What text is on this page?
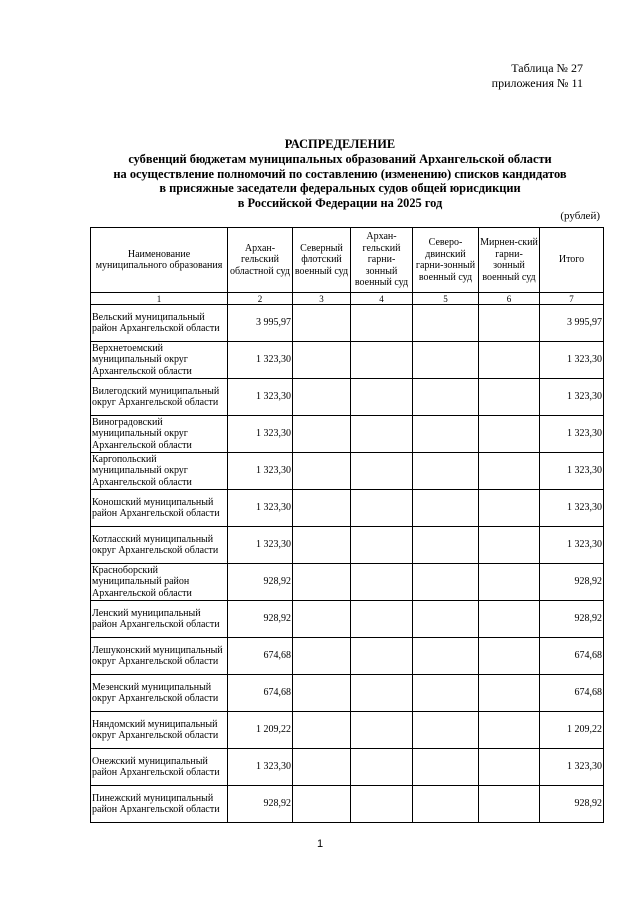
Таблица № 27
приложения № 11
РАСПРЕДЕЛЕНИЕ
субвенций бюджетам муниципальных образований Архангельской области
на осуществление полномочий по составлению (изменению) списков кандидатов
в присяжные заседатели федеральных судов общей юрисдикции
в Российской Федерации на 2025 год
(рублей)
Наименование муниципального образования	Архан-гельский областной суд	Северный флотский военный суд	Архан-гельский гарни-зонный военный суд	Северо-двинский гарни-зонный военный суд	Мирнен-ский гарни-зонный военный суд	Итого
1	2	3	4	5	6	7
Вельский муниципальный район Архангельской области	3 995,97					3 995,97
Верхнетоемский муниципальный округ Архангельской области	1 323,30					1 323,30
Вилегодский муниципальный округ Архангельской области	1 323,30					1 323,30
Виноградовский муниципальный округ Архангельской области	1 323,30					1 323,30
Каргопольский муниципальный округ Архангельской области	1 323,30					1 323,30
Коношский муниципальный район Архангельской области	1 323,30					1 323,30
Котласский муниципальный округ Архангельской области	1 323,30					1 323,30
Красноборский муниципальный район Архангельской области	928,92					928,92
Ленский муниципальный район Архангельской области	928,92					928,92
Лешуконский муниципальный округ Архангельской области	674,68					674,68
Мезенский муниципальный округ Архангельской области	674,68					674,68
Няндомский муниципальный округ Архангельской области	1 209,22					1 209,22
Онежский муниципальный район Архангельской области	1 323,30					1 323,30
Пинежский муниципальный район Архангельской области	928,92					928,92
1
